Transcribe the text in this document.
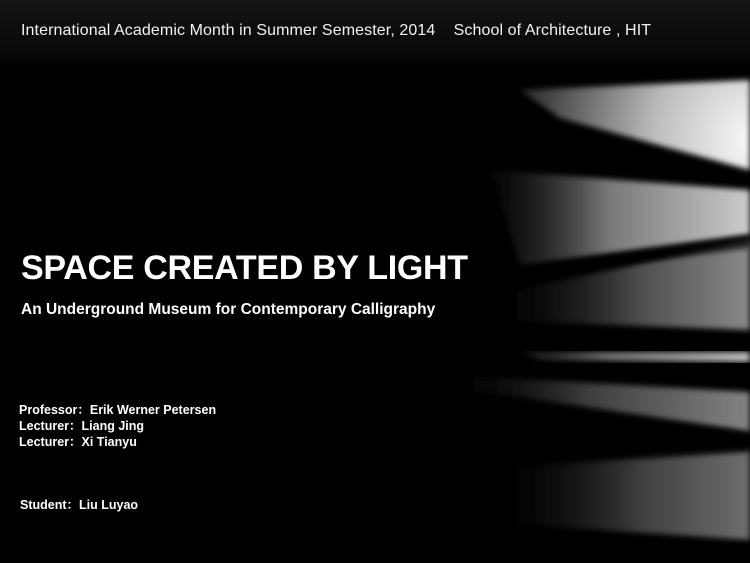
International Academic Month in Summer Semester, 2014    School of Architecture , HIT
SPACE CREATED BY LIGHT
An Underground Museum for Contemporary Calligraphy
Professor：Erik Werner Petersen
Lecturer：Liang Jing
Lecturer：Xi Tianyu
Student：Liu Luyao
